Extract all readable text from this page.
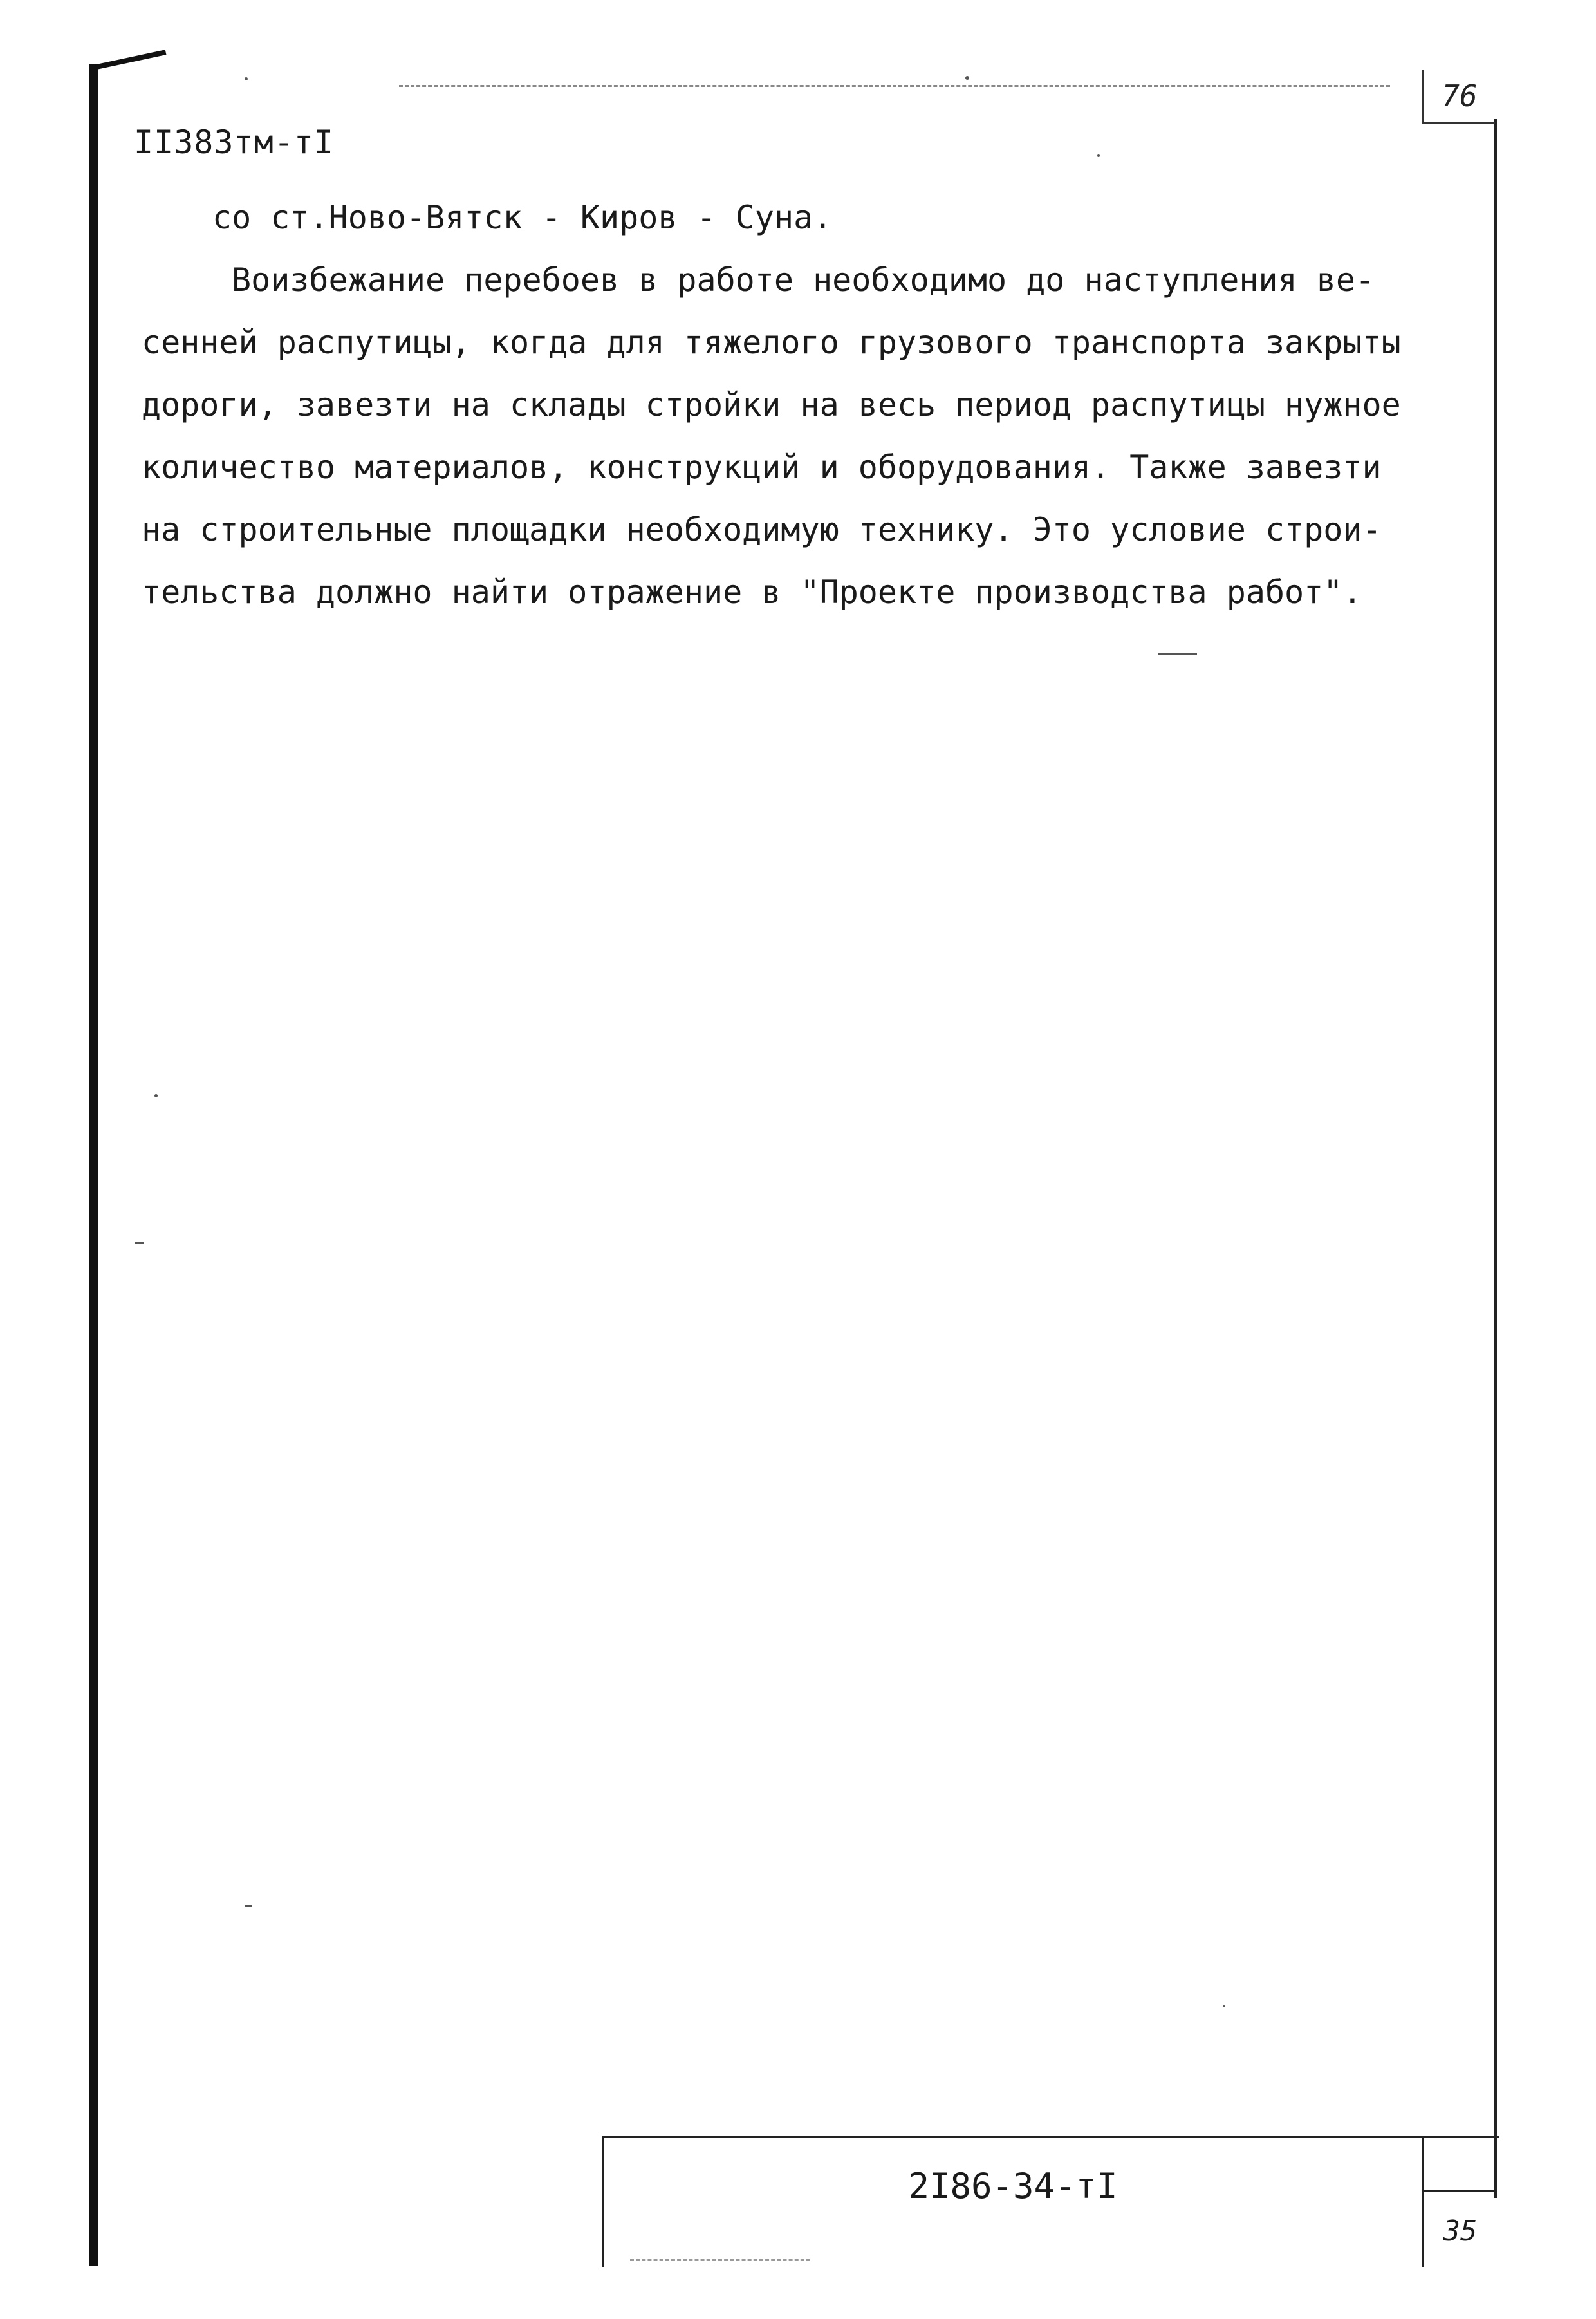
76
II383тм-тI

со ст.Ново-Вятск - Киров - Суна.

Воизбежание перебоев в работе необходимо до наступления ве-

сенней распутицы, когда для тяжелого грузового транспорта закрыты

дороги, завезти на склады стройки на весь период распутицы нужное

количество материалов, конструкций и оборудования. Также завезти

на строительные площадки необходимую технику. Это условие строи-

тельства должно найти отражение в "Проекте производства работ".

2I86-34-тI
35
